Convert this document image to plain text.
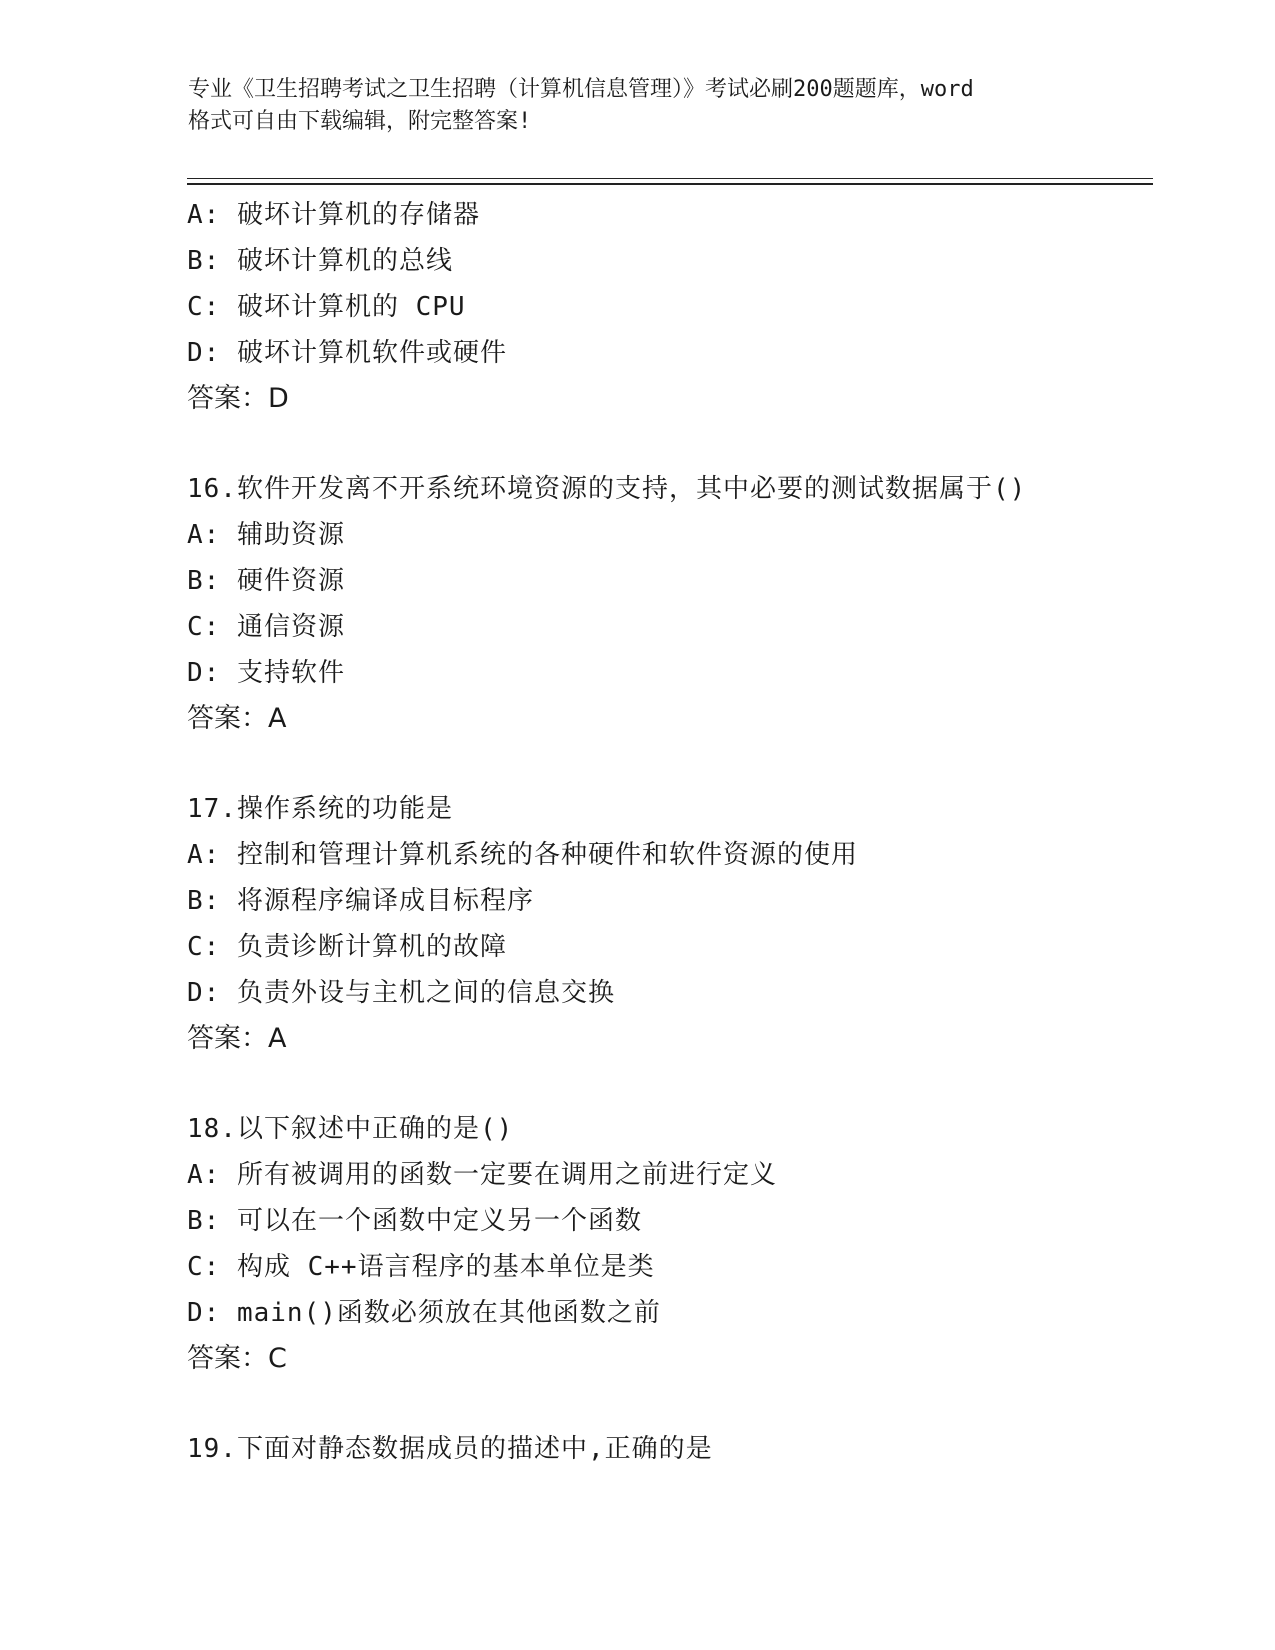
专业《卫生招聘考试之卫生招聘（计算机信息管理）》考试必刷200题题库，word
格式可自由下载编辑，附完整答案!
A: 破坏计算机的存储器
B: 破坏计算机的总线
C: 破坏计算机的 CPU
D: 破坏计算机软件或硬件
答案：D
16.软件开发离不开系统环境资源的支持，其中必要的测试数据属于()
A: 辅助资源
B: 硬件资源
C: 通信资源
D: 支持软件
答案：A
17.操作系统的功能是
A: 控制和管理计算机系统的各种硬件和软件资源的使用
B: 将源程序编译成目标程序
C: 负责诊断计算机的故障
D: 负责外设与主机之间的信息交换
答案：A
18.以下叙述中正确的是()
A: 所有被调用的函数一定要在调用之前进行定义
B: 可以在一个函数中定义另一个函数
C: 构成 C++语言程序的基本单位是类
D: main()函数必须放在其他函数之前
答案：C
19.下面对静态数据成员的描述中,正确的是
